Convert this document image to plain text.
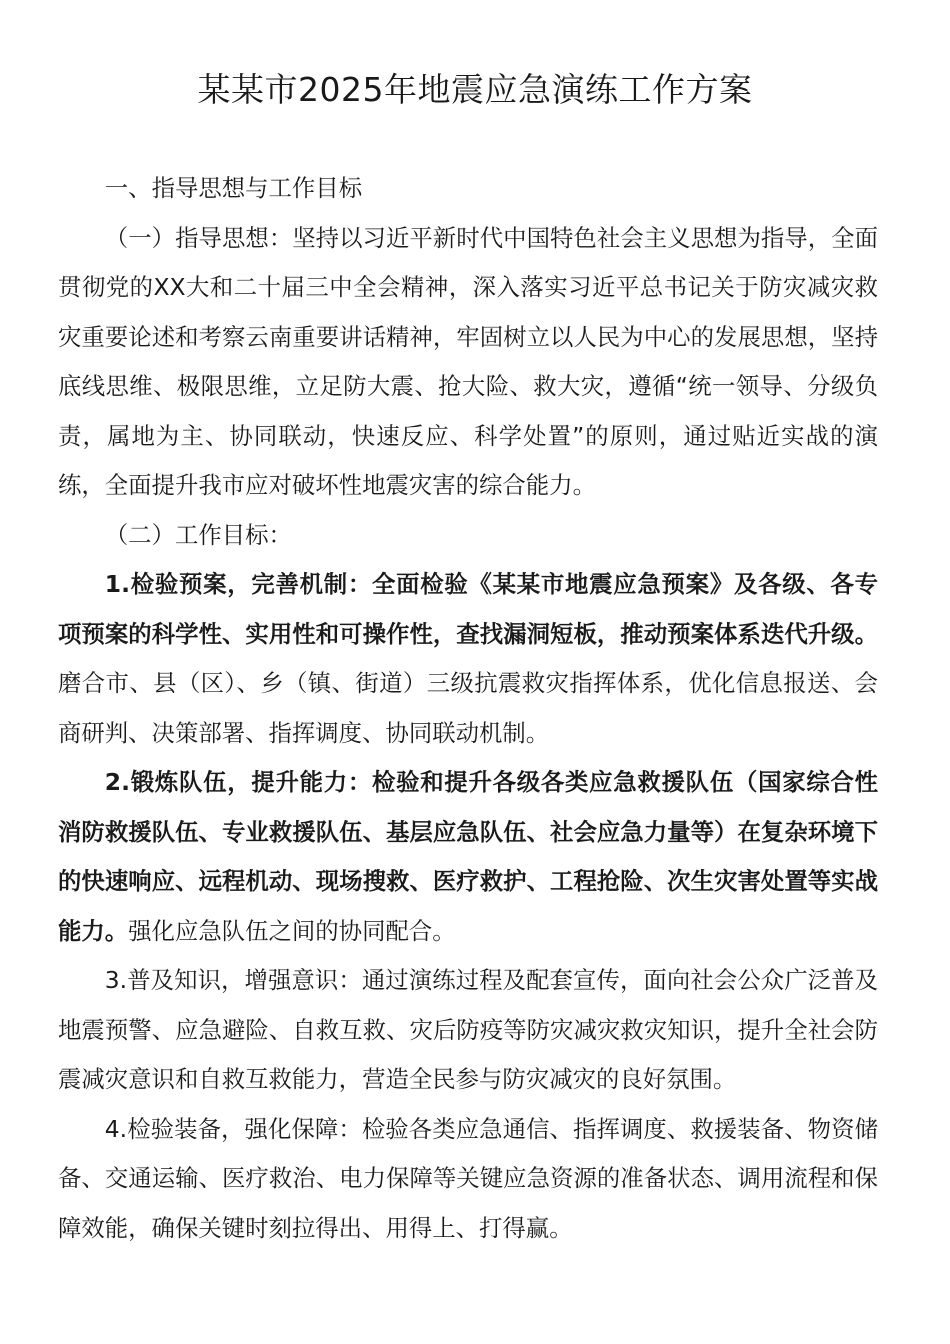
某某市2025年地震应急演练工作方案

一、指导思想与工作目标

（一）指导思想：坚持以习近平新时代中国特色社会主义思想为指导，全面贯彻党的XX大和二十届三中全会精神，深入落实习近平总书记关于防灾减灾救灾重要论述和考察云南重要讲话精神，牢固树立以人民为中心的发展思想，坚持底线思维、极限思维，立足防大震、抢大险、救大灾，遵循“统一领导、分级负责，属地为主、协同联动，快速反应、科学处置”的原则，通过贴近实战的演练，全面提升我市应对破坏性地震灾害的综合能力。

（二）工作目标：

1.检验预案，完善机制：全面检验《某某市地震应急预案》及各级、各专项预案的科学性、实用性和可操作性，查找漏洞短板，推动预案体系迭代升级。磨合市、县（区）、乡（镇、街道）三级抗震救灾指挥体系，优化信息报送、会商研判、决策部署、指挥调度、协同联动机制。

2.锻炼队伍，提升能力：检验和提升各级各类应急救援队伍（国家综合性消防救援队伍、专业救援队伍、基层应急队伍、社会应急力量等）在复杂环境下的快速响应、远程机动、现场搜救、医疗救护、工程抢险、次生灾害处置等实战能力。强化应急队伍之间的协同配合。

3.普及知识，增强意识：通过演练过程及配套宣传，面向社会公众广泛普及地震预警、应急避险、自救互救、灾后防疫等防灾减灾救灾知识，提升全社会防震减灾意识和自救互救能力，营造全民参与防灾减灾的良好氛围。

4.检验装备，强化保障：检验各类应急通信、指挥调度、救援装备、物资储备、交通运输、医疗救治、电力保障等关键应急资源的准备状态、调用流程和保障效能，确保关键时刻拉得出、用得上、打得赢。
